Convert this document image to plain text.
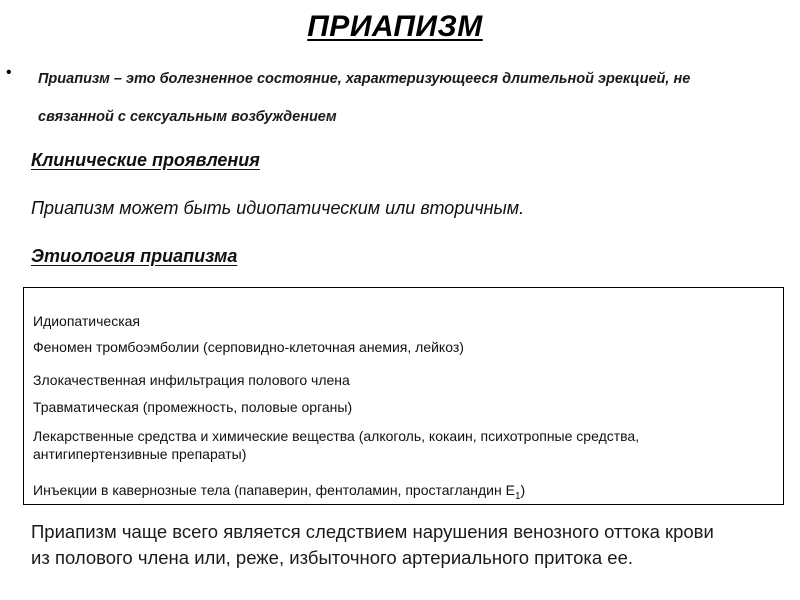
ПРИАПИЗМ
• Приапизм – это болезненное состояние, характеризующееся длительной эрекцией, не
связанной с сексуальным возбуждением
Клинические проявления
Приапизм может быть идиопатическим или вторичным.
Этиология приапизма
Идиопатическая
Феномен тромбоэмболии (серповидно-клеточная анемия, лейкоз)
Злокачественная инфильтрация полового члена
Травматическая (промежность, половые органы)
Лекарственные средства и химические вещества (алкоголь, кокаин, психотропные средства,
антигипертензивные препараты)
Инъекции в кавернозные тела (папаверин, фентоламин, простагландин $Е_1$)
Приапизм чаще всего является следствием нарушения венозного оттока крови
из полового члена или, реже, избыточного артериального притока ее.
